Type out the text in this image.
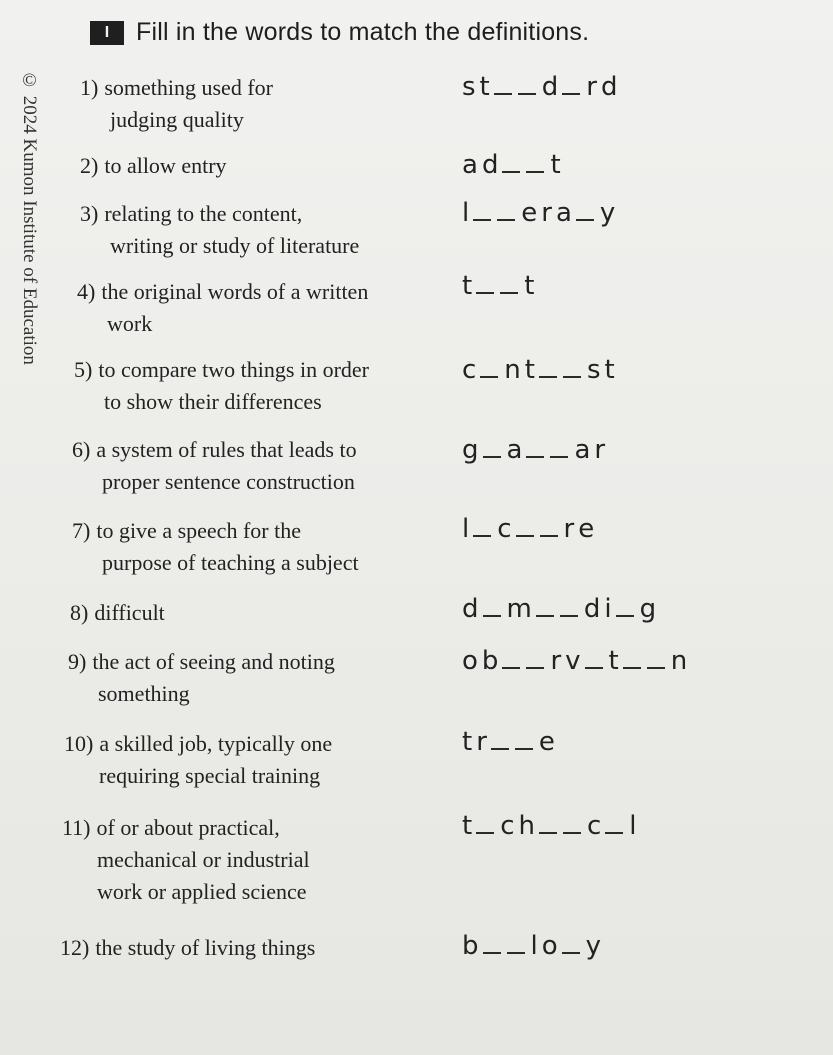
I	Fill in the words to match the definitions.
© 2024 Kumon Institute of Education 1) something used for
judging quality
s t d r d
2) to allow entry	a d t
3) relating to the content,
writing or study of literature
l e r a y
4) the original words of a written
work
t t
5) to compare two things in order
to show their differences
c n t s t
6) a system of rules that leads to
proper sentence construction
g a a r
7) to give a speech for the
purpose of teaching a subject
l c r e
8) difficult	d m d i g
9) the act of seeing and noting
something
o b r v t n
10) a skilled job, typically one
requiring special training
t r e
11) of or about practical,
mechanical or industrial
work or applied science
t c h c l
12) the study of living things	b l o y
